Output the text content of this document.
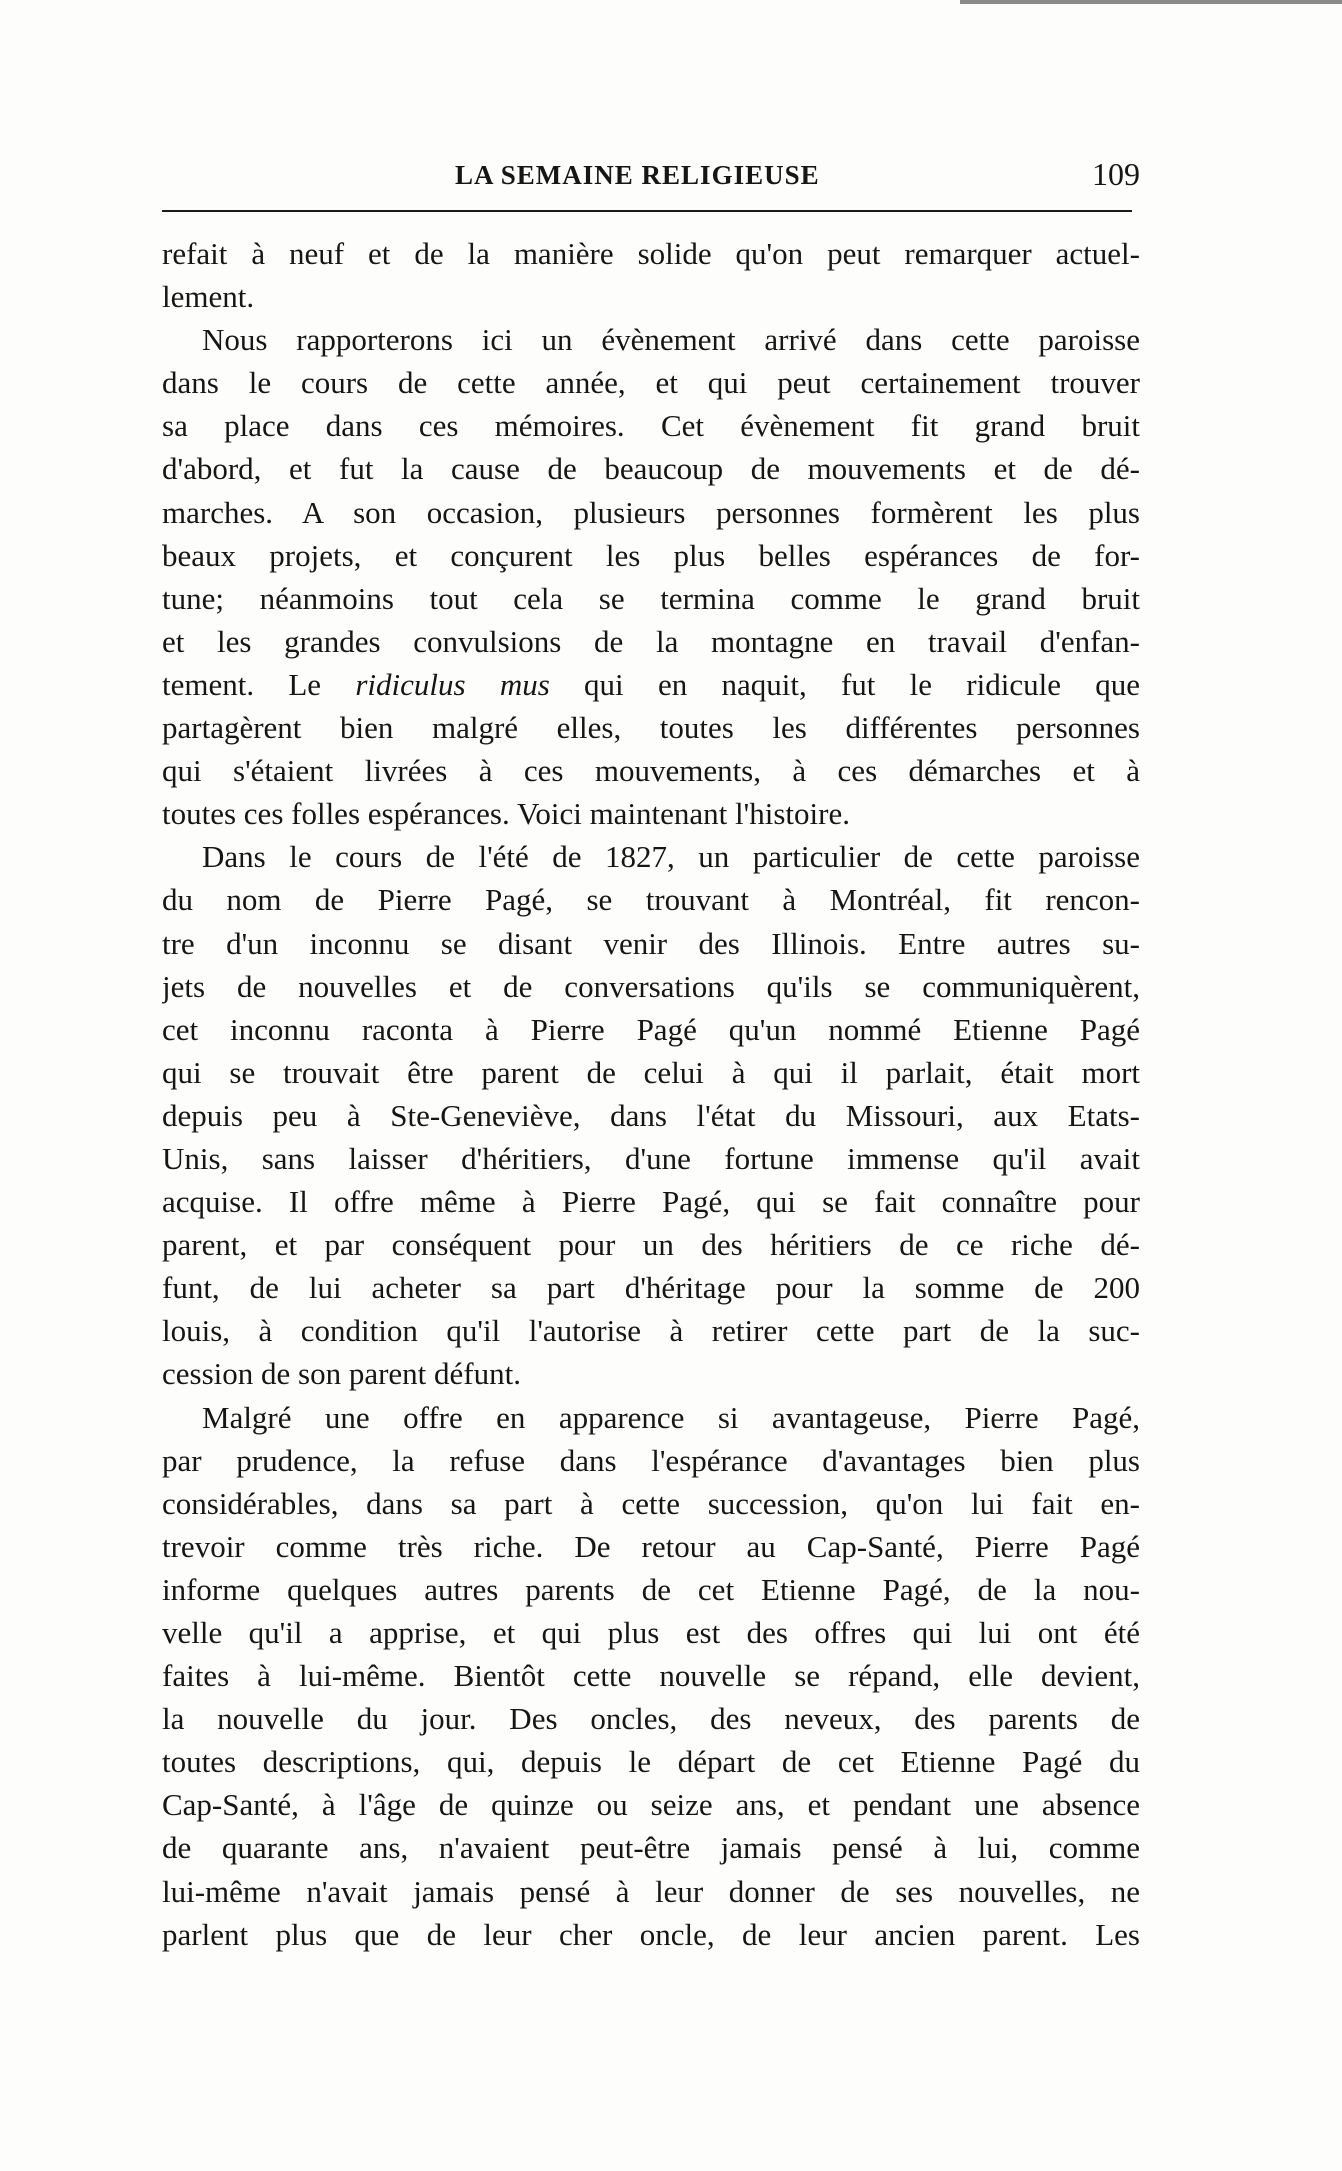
LA SEMAINE RELIGIEUSE	109
refait à neuf et de la manière solide qu'on peut remarquer actuel-
lement.
Nous rapporterons ici un évènement arrivé dans cette paroisse
dans le cours de cette année, et qui peut certainement trouver
sa place dans ces mémoires. Cet évènement fit grand bruit
d'abord, et fut la cause de beaucoup de mouvements et de dé-
marches. A son occasion, plusieurs personnes formèrent les plus
beaux projets, et conçurent les plus belles espérances de for-
tune; néanmoins tout cela se termina comme le grand bruit
et les grandes convulsions de la montagne en travail d'enfan-
tement. Le ridiculus mus qui en naquit, fut le ridicule que
partagèrent bien malgré elles, toutes les différentes personnes
qui s'étaient livrées à ces mouvements, à ces démarches et à
toutes ces folles espérances. Voici maintenant l'histoire.
Dans le cours de l'été de 1827, un particulier de cette paroisse
du nom de Pierre Pagé, se trouvant à Montréal, fit rencon-
tre d'un inconnu se disant venir des Illinois. Entre autres su-
jets de nouvelles et de conversations qu'ils se communiquèrent,
cet inconnu raconta à Pierre Pagé qu'un nommé Etienne Pagé
qui se trouvait être parent de celui à qui il parlait, était mort
depuis peu à Ste-Geneviève, dans l'état du Missouri, aux Etats-
Unis, sans laisser d'héritiers, d'une fortune immense qu'il avait
acquise. Il offre même à Pierre Pagé, qui se fait connaître pour
parent, et par conséquent pour un des héritiers de ce riche dé-
funt, de lui acheter sa part d'héritage pour la somme de 200
louis, à condition qu'il l'autorise à retirer cette part de la suc-
cession de son parent défunt.
Malgré une offre en apparence si avantageuse, Pierre Pagé,
par prudence, la refuse dans l'espérance d'avantages bien plus
considérables, dans sa part à cette succession, qu'on lui fait en-
trevoir comme très riche. De retour au Cap-Santé, Pierre Pagé
informe quelques autres parents de cet Etienne Pagé, de la nou-
velle qu'il a apprise, et qui plus est des offres qui lui ont été
faites à lui-même. Bientôt cette nouvelle se répand, elle devient,
la nouvelle du jour. Des oncles, des neveux, des parents de
toutes descriptions, qui, depuis le départ de cet Etienne Pagé du
Cap-Santé, à l'âge de quinze ou seize ans, et pendant une absence
de quarante ans, n'avaient peut-être jamais pensé à lui, comme
lui-même n'avait jamais pensé à leur donner de ses nouvelles, ne
parlent plus que de leur cher oncle, de leur ancien parent. Les
